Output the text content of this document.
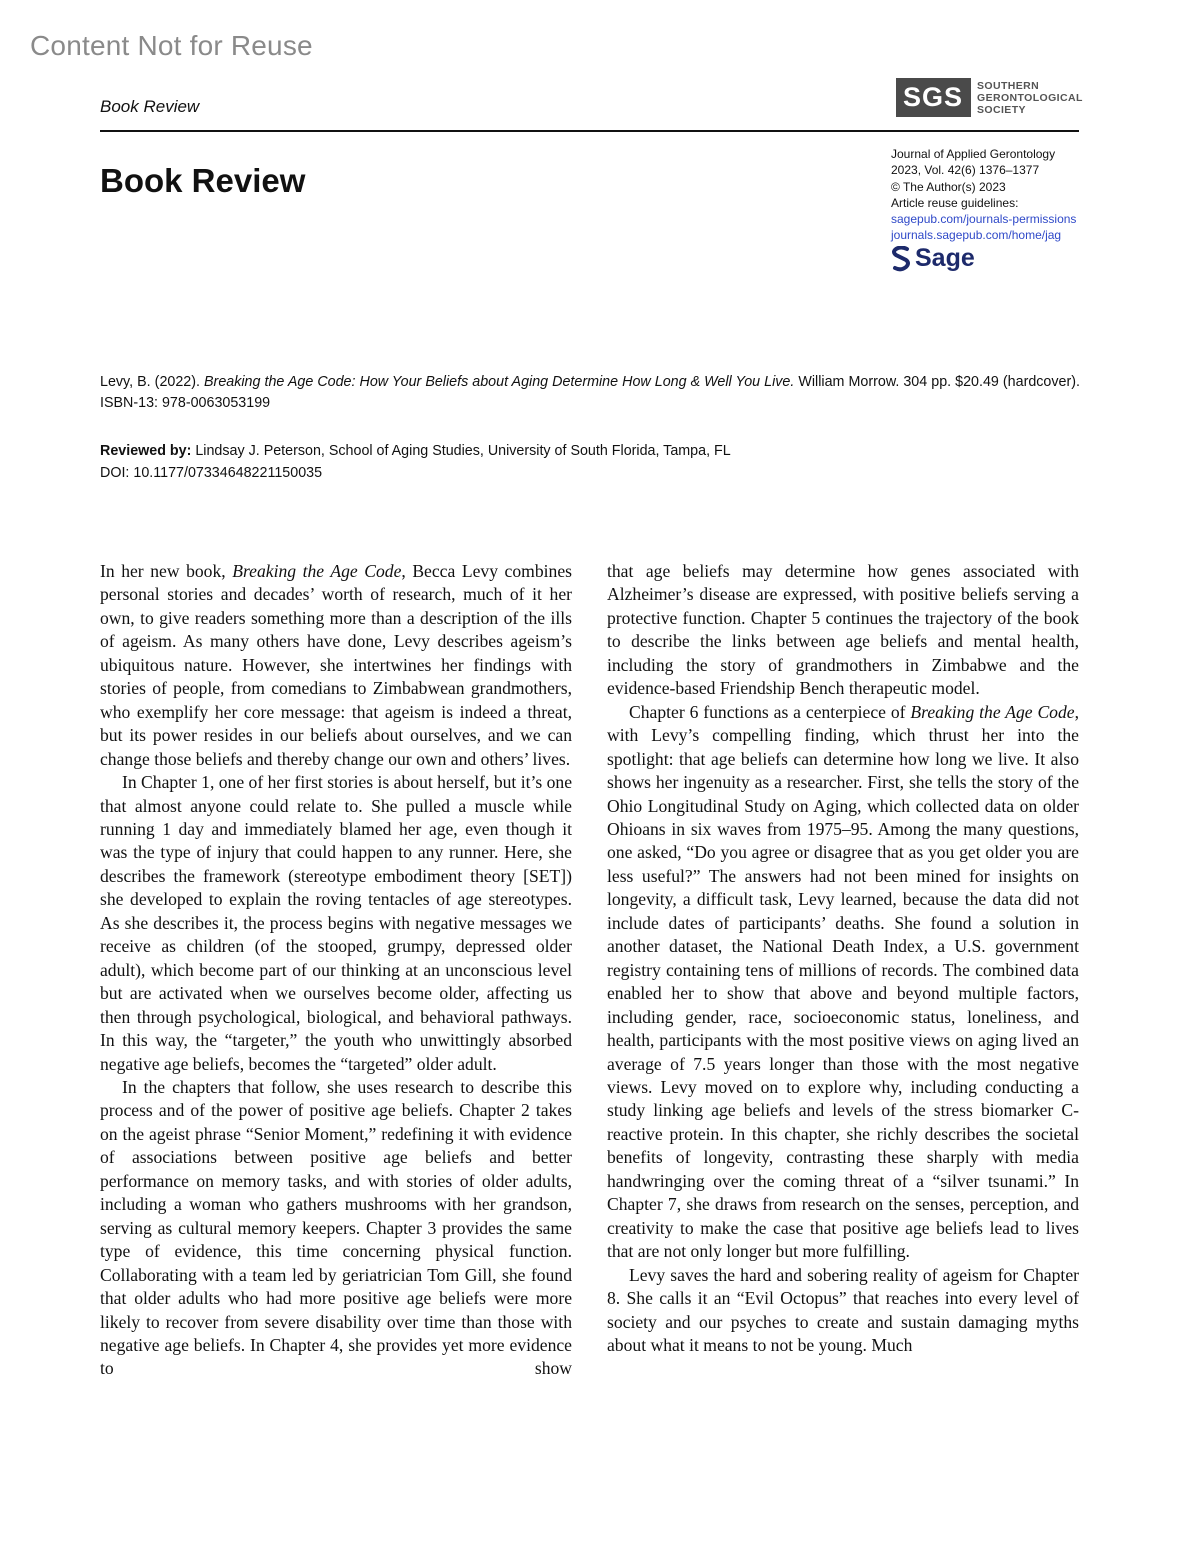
Content Not for Reuse
Book Review	SGS	SOUTHERN
GERONTOLOGICAL
SOCIETY
Book Review
Journal of Applied Gerontology
2023, Vol. 42(6) 1376–1377
© The Author(s) 2023
Article reuse guidelines:
sagepub.com/journals-permissions
journals.sagepub.com/home/jag
Sage
Levy, B. (2022). Breaking the Age Code: How Your Beliefs about Aging Determine How Long & Well You Live. William Morrow. 304 pp. $20.49 (hardcover). ISBN-13: 978-0063053199
Reviewed by: Lindsay J. Peterson, School of Aging Studies, University of South Florida, Tampa, FL
DOI: 10.1177/07334648221150035

In her new book, Breaking the Age Code, Becca Levy combines personal stories and decades’ worth of research, much of it her own, to give readers something more than a description of the ills of ageism. As many others have done, Levy describes ageism’s ubiquitous nature. However, she intertwines her findings with stories of people, from comedians to Zimbabwean grandmothers, who exemplify her core message: that ageism is indeed a threat, but its power resides in our beliefs about ourselves, and we can change those beliefs and thereby change our own and others’ lives.

In Chapter 1, one of her first stories is about herself, but it’s one that almost anyone could relate to. She pulled a muscle while running 1 day and immediately blamed her age, even though it was the type of injury that could happen to any runner. Here, she describes the framework (stereotype embodiment theory [SET]) she developed to explain the roving tentacles of age stereotypes. As she describes it, the process begins with negative messages we receive as children (of the stooped, grumpy, depressed older adult), which become part of our thinking at an unconscious level but are activated when we ourselves become older, affecting us then through psychological, biological, and behavioral pathways. In this way, the “targeter,” the youth who unwittingly absorbed negative age beliefs, becomes the “targeted” older adult.

In the chapters that follow, she uses research to describe this process and of the power of positive age beliefs. Chapter 2 takes on the ageist phrase “Senior Moment,” redefining it with evidence of associations between positive age beliefs and better performance on memory tasks, and with stories of older adults, including a woman who gathers mushrooms with her grandson, serving as cultural memory keepers. Chapter 3 provides the same type of evidence, this time concerning physical function. Collaborating with a team led by geriatrician Tom Gill, she found that older adults who had more positive age beliefs were more likely to recover from severe disability over time than those with negative age beliefs. In Chapter 4, she provides yet more evidence to show

that age beliefs may determine how genes associated with Alzheimer’s disease are expressed, with positive beliefs serving a protective function. Chapter 5 continues the trajectory of the book to describe the links between age beliefs and mental health, including the story of grandmothers in Zimbabwe and the evidence-based Friendship Bench therapeutic model.

Chapter 6 functions as a centerpiece of Breaking the Age Code, with Levy’s compelling finding, which thrust her into the spotlight: that age beliefs can determine how long we live. It also shows her ingenuity as a researcher. First, she tells the story of the Ohio Longitudinal Study on Aging, which collected data on older Ohioans in six waves from 1975–95. Among the many questions, one asked, “Do you agree or disagree that as you get older you are less useful?” The answers had not been mined for insights on longevity, a difficult task, Levy learned, because the data did not include dates of participants’ deaths. She found a solution in another dataset, the National Death Index, a U.S. government registry containing tens of millions of records. The combined data enabled her to show that above and beyond multiple factors, including gender, race, socioeconomic status, loneliness, and health, participants with the most positive views on aging lived an average of 7.5 years longer than those with the most negative views. Levy moved on to explore why, including conducting a study linking age beliefs and levels of the stress biomarker C-reactive protein. In this chapter, she richly describes the societal benefits of longevity, contrasting these sharply with media handwringing over the coming threat of a “silver tsunami.” In Chapter 7, she draws from research on the senses, perception, and creativity to make the case that positive age beliefs lead to lives that are not only longer but more fulfilling.

Levy saves the hard and sobering reality of ageism for Chapter 8. She calls it an “Evil Octopus” that reaches into every level of society and our psyches to create and sustain damaging myths about what it means to not be young. Much
